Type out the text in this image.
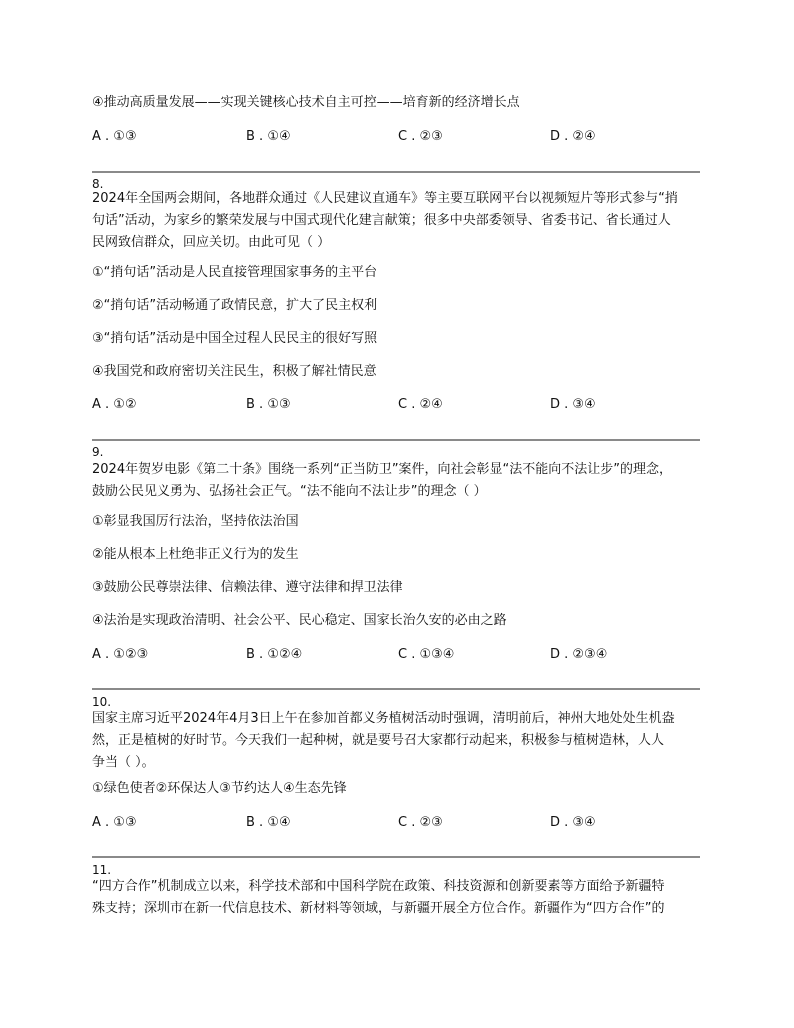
④推动高质量发展——实现关键核心技术自主可控——培育新的经济增长点
A . ①③	B . ①④	C . ②③	D . ②④
8.
2024年全国两会期间，各地群众通过《人民建议直通车》等主要互联网平台以视频短片等形式参与“捎
句话”活动，为家乡的繁荣发展与中国式现代化建言献策；很多中央部委领导、省委书记、省长通过人
民网致信群众，回应关切。由此可见（ ）
①“捎句话”活动是人民直接管理国家事务的主平台
②“捎句话”活动畅通了政情民意，扩大了民主权利
③“捎句话”活动是中国全过程人民民主的很好写照
④我国党和政府密切关注民生，积极了解社情民意
A . ①②	B . ①③	C . ②④	D . ③④
9.
2024年贺岁电影《第二十条》围绕一系列“正当防卫”案件，向社会彰显“法不能向不法让步”的理念，
鼓励公民见义勇为、弘扬社会正气。“法不能向不法让步”的理念（ ）
①彰显我国厉行法治，坚持依法治国
②能从根本上杜绝非正义行为的发生
③鼓励公民尊崇法律、信赖法律、遵守法律和捍卫法律
④法治是实现政治清明、社会公平、民心稳定、国家长治久安的必由之路
A . ①②③	B . ①②④	C . ①③④	D . ②③④
10.
国家主席习近平2024年4月3日上午在参加首都义务植树活动时强调，清明前后，神州大地处处生机盎
然，正是植树的好时节。今天我们一起种树，就是要号召大家都行动起来，积极参与植树造林，人人
争当（ ）。
①绿色使者②环保达人③节约达人④生态先锋
A . ①③	B . ①④	C . ②③	D . ③④
11.
“四方合作”机制成立以来，科学技术部和中国科学院在政策、科技资源和创新要素等方面给予新疆特
殊支持；深圳市在新一代信息技术、新材料等领域，与新疆开展全方位合作。新疆作为“四方合作”的
